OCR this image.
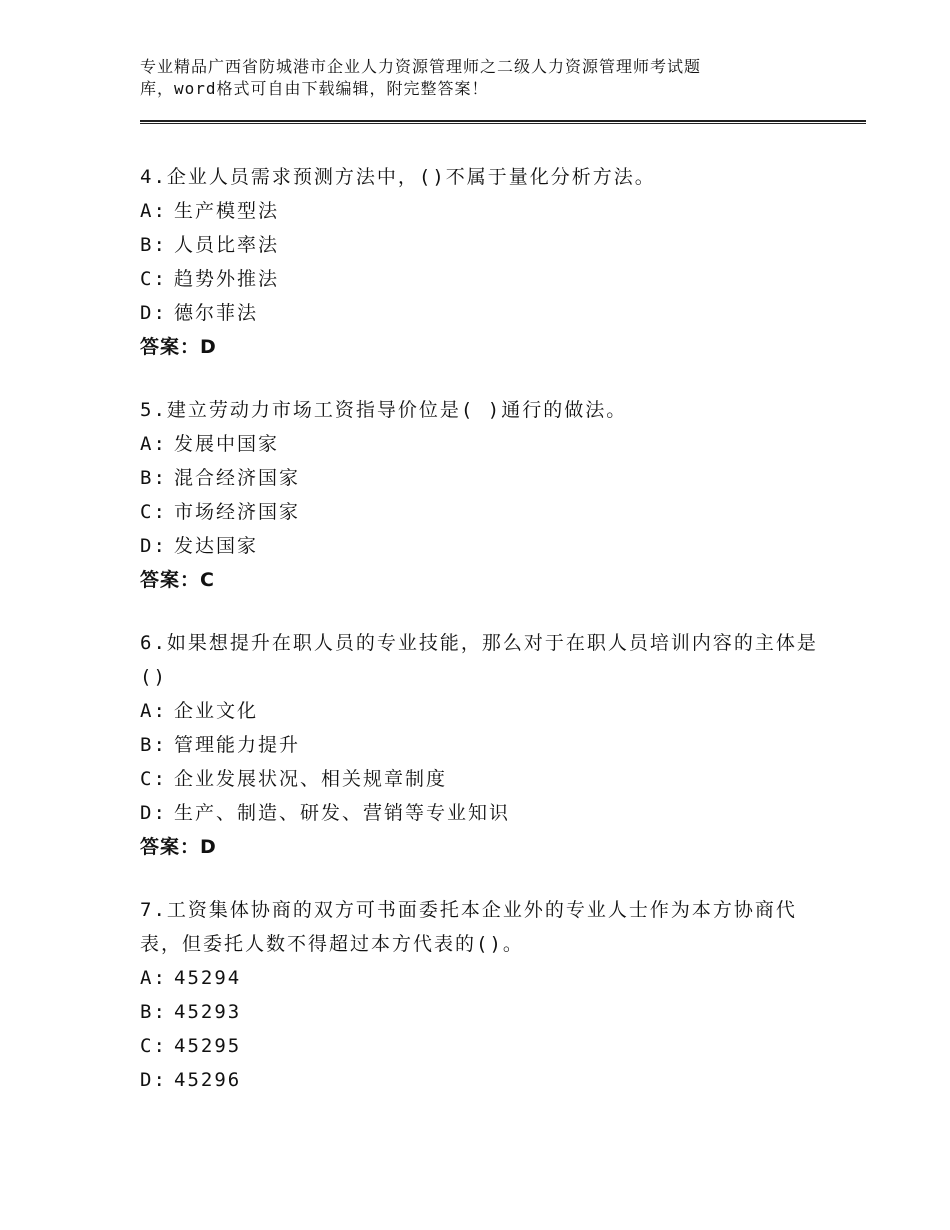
专业精品广西省防城港市企业人力资源管理师之二级人力资源管理师考试题
库，word格式可自由下载编辑，附完整答案！
4.企业人员需求预测方法中，()不属于量化分析方法。
A: 生产模型法
B: 人员比率法
C: 趋势外推法
D: 德尔菲法
答案：D
5.建立劳动力市场工资指导价位是( )通行的做法。
A: 发展中国家
B: 混合经济国家
C: 市场经济国家
D: 发达国家
答案：C
6.如果想提升在职人员的专业技能，那么对于在职人员培训内容的主体是()
A: 企业文化
B: 管理能力提升
C: 企业发展状况、相关规章制度
D: 生产、制造、研发、营销等专业知识
答案：D
7.工资集体协商的双方可书面委托本企业外的专业人士作为本方协商代表，但委托人数不得超过本方代表的()。
A: 45294
B: 45293
C: 45295
D: 45296
